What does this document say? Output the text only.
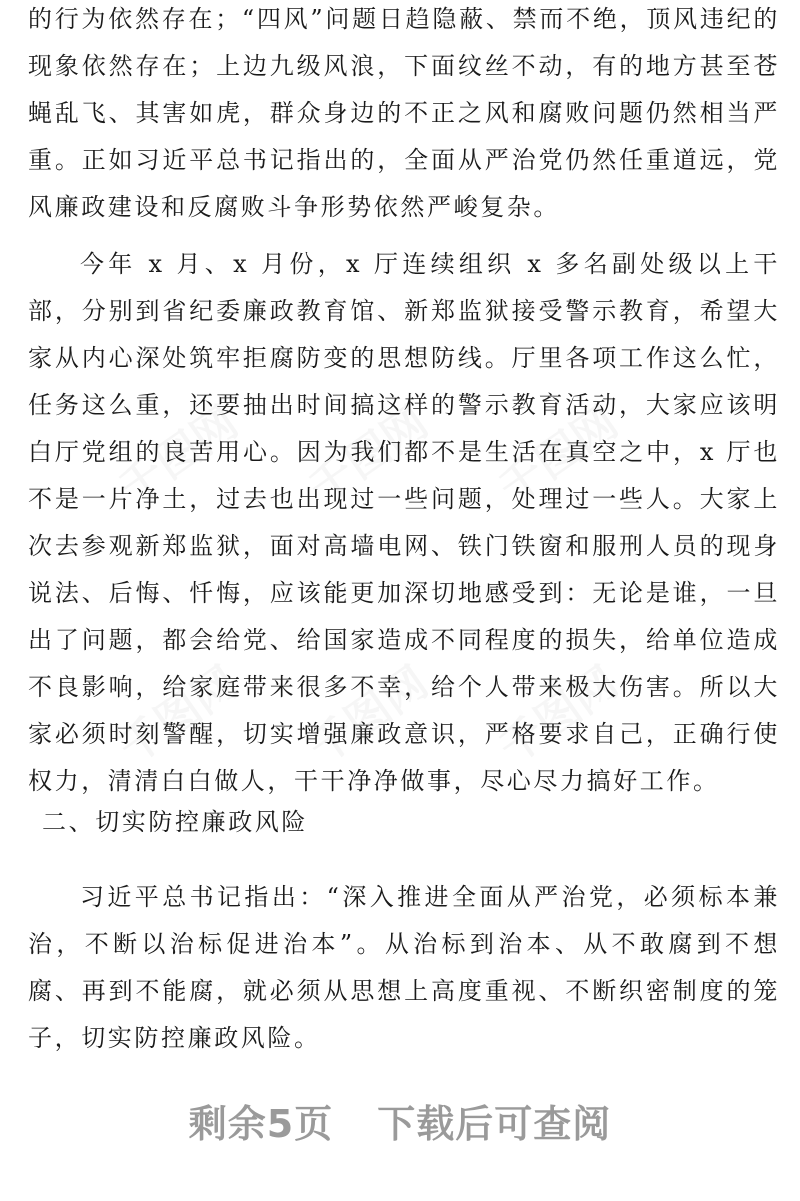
的行为依然存在；“四风”问题日趋隐蔽、禁而不绝，顶风违纪的现象依然存在；上边九级风浪，下面纹丝不动，有的地方甚至苍蝇乱飞、其害如虎，群众身边的不正之风和腐败问题仍然相当严重。正如习近平总书记指出的，全面从严治党仍然任重道远，党风廉政建设和反腐败斗争形势依然严峻复杂。

今年 x 月、x 月份，x 厅连续组织 x 多名副处级以上干部，分别到省纪委廉政教育馆、新郑监狱接受警示教育，希望大家从内心深处筑牢拒腐防变的思想防线。厅里各项工作这么忙，任务这么重，还要抽出时间搞这样的警示教育活动，大家应该明白厅党组的良苦用心。因为我们都不是生活在真空之中，x 厅也不是一片净土，过去也出现过一些问题，处理过一些人。大家上次去参观新郑监狱，面对高墙电网、铁门铁窗和服刑人员的现身说法、后悔、忏悔，应该能更加深切地感受到：无论是谁，一旦出了问题，都会给党、给国家造成不同程度的损失，给单位造成不良影响，给家庭带来很多不幸，给个人带来极大伤害。所以大家必须时刻警醒，切实增强廉政意识，严格要求自己，正确行使权力，清清白白做人，干干净净做事，尽心尽力搞好工作。

二、切实防控廉政风险

习近平总书记指出：“深入推进全面从严治党，必须标本兼治，不断以治标促进治本”。从治标到治本、从不敢腐到不想腐、再到不能腐，就必须从思想上高度重视、不断织密制度的笼子，切实防控廉政风险。

剩余5页 下载后可查阅
